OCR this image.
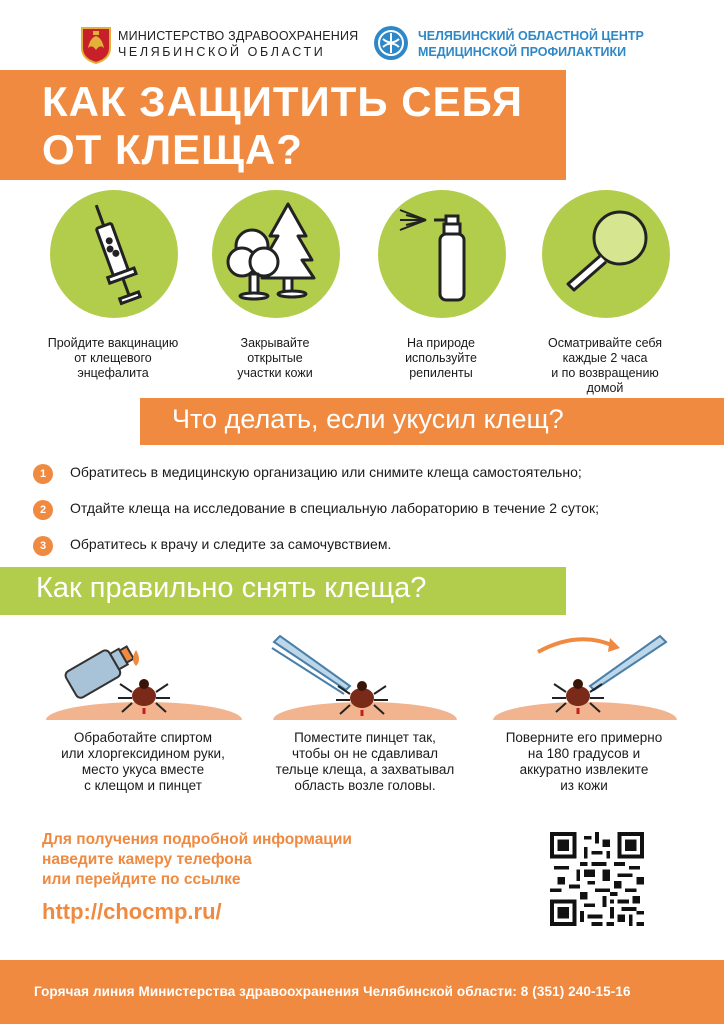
МИНИСТЕРСТВО ЗДРАВООХРАНЕНИЯ
ЧЕЛЯБИНСКОЙ ОБЛАСТИ
ЧЕЛЯБИНСКИЙ ОБЛАСТНОЙ ЦЕНТР
МЕДИЦИНСКОЙ ПРОФИЛАКТИКИ
КАК ЗАЩИТИТЬ СЕБЯ
ОТ КЛЕЩА?
Пройдите вакцинацию
от клещевого
энцефалита
Закрывайте
открытые
участки кожи
На природе
используйте
репиленты
Осматривайте себя
каждые 2 часа
и по возвращению
домой
Что делать, если укусил клещ?
1	Обратитесь в медицинскую организацию или снимите клеща самостоятельно;
2	Отдайте клеща на исследование в специальную лабораторию в течение 2 суток;
3	Обратитесь к врачу и следите за самочувствием.
Как правильно снять клеща?
Обработайте спиртом
или хлоргексидином руки,
место укуса вместе
с клещом и пинцет
Поместите пинцет так,
чтобы он не сдавливал
тельце клеща, а захватывал
область возле головы.
Поверните его примерно
на 180 градусов и
аккуратно извлеките
из кожи
Для получения подробной информации
наведите камеру телефона
или перейдите по ссылке
http://chocmp.ru/
Горячая линия Министерства здравоохранения Челябинской области: 8 (351) 240-15-16
